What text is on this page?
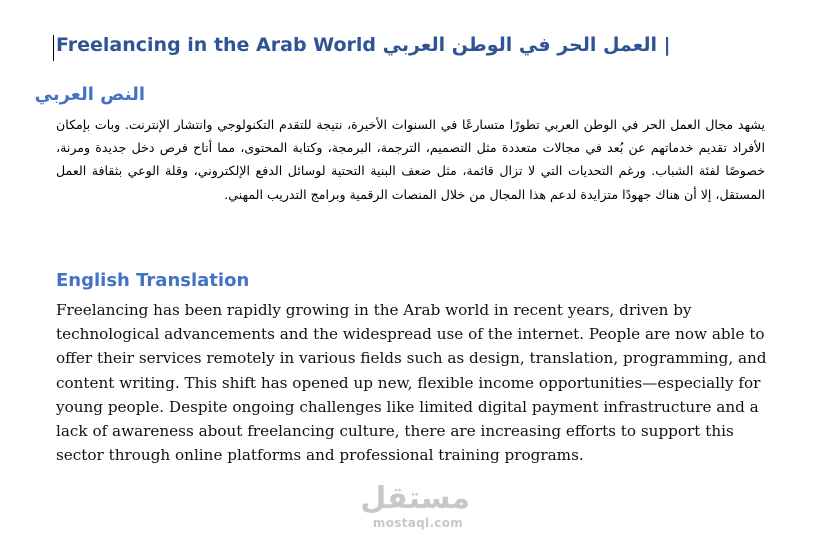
Freelancing in the Arab World العمل الحر في الوطن العربي |
النص العربي

يشهد مجال العمل الحر في الوطن العربي تطورًا متسارعًا في السنوات الأخيرة، نتيجة للتقدم التكنولوجي وانتشار الإنترنت. وبات بإمكان الأفراد تقديم خدماتهم عن بُعد في مجالات متعددة مثل التصميم، الترجمة، البرمجة، وكتابة المحتوى، مما أتاح فرص دخل جديدة ومرنة، خصوصًا لفئة الشباب. ورغم التحديات التي لا تزال قائمة، مثل ضعف البنية التحتية لوسائل الدفع الإلكتروني، وقلة الوعي بثقافة العمل المستقل، إلا أن هناك جهودًا متزايدة لدعم هذا المجال من خلال المنصات الرقمية وبرامج التدريب المهني.

English Translation

Freelancing has been rapidly growing in the Arab world in recent years, driven by technological advancements and the widespread use of the internet. People are now able to offer their services remotely in various fields such as design, translation, programming, and content writing. This shift has opened up new, flexible income opportunities—especially for young people. Despite ongoing challenges like limited digital payment infrastructure and a lack of awareness about freelancing culture, there are increasing efforts to support this sector through online platforms and professional training programs.

مستقل
mostaql.com
